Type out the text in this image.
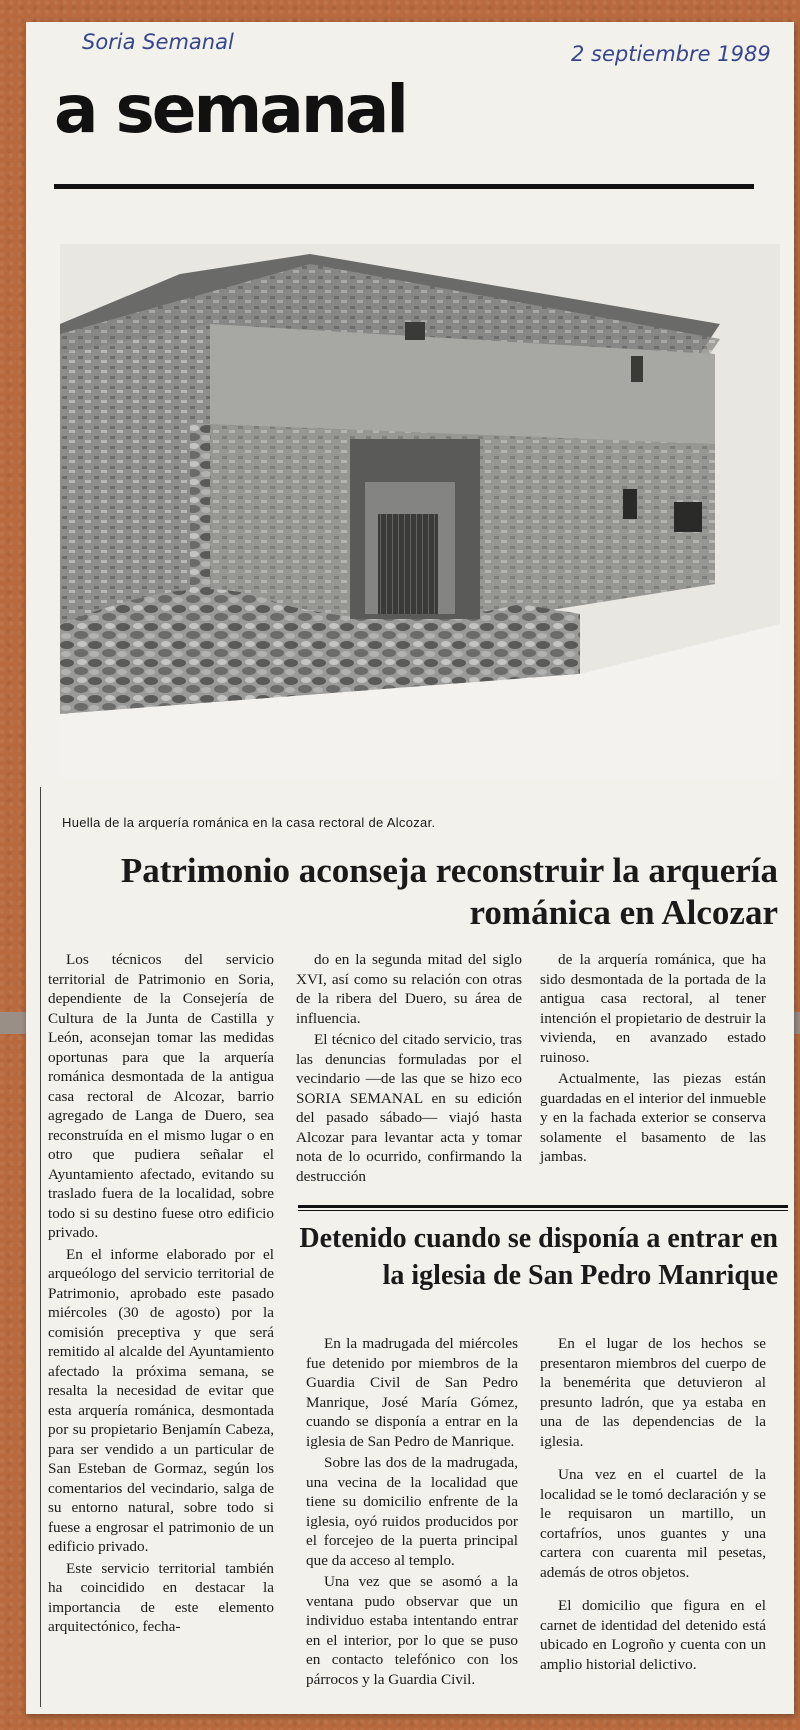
Soria Semanal	2 septiembre 1989
a semanal
Huella de la arquería románica en la casa rectoral de Alcozar.
Patrimonio aconseja reconstruir la arquería románica en Alcozar

Los técnicos del servicio territorial de Patrimonio en Soria, dependiente de la Consejería de Cultura de la Junta de Castilla y León, aconsejan tomar las medidas oportunas para que la arquería románica desmontada de la antigua casa rectoral de Alcozar, barrio agregado de Langa de Duero, sea reconstruída en el mismo lugar o en otro que pudiera señalar el Ayuntamiento afectado, evitando su traslado fuera de la localidad, sobre todo si su destino fuese otro edificio privado.

En el informe elaborado por el arqueólogo del servicio territorial de Patrimonio, aprobado este pasado miércoles (30 de agosto) por la comisión preceptiva y que será remitido al alcalde del Ayuntamiento afectado la próxima semana, se resalta la necesidad de evitar que esta arquería románica, desmontada por su propietario Benjamín Cabeza, para ser vendido a un particular de San Esteban de Gormaz, según los comentarios del vecindario, salga de su entorno natural, sobre todo si fuese a engrosar el patrimonio de un edificio privado.

Este servicio territorial también ha coincidido en destacar la importancia de este elemento arquitectónico, fecha-

do en la segunda mitad del siglo XVI, así como su relación con otras de la ribera del Duero, su área de influencia.

El técnico del citado servicio, tras las denuncias formuladas por el vecindario —de las que se hizo eco SORIA SEMANAL en su edición del pasado sábado— viajó hasta Alcozar para levantar acta y tomar nota de lo ocurrido, confirmando la destrucción

de la arquería románica, que ha sido desmontada de la portada de la antigua casa rectoral, al tener intención el propietario de destruir la vivienda, en avanzado estado ruinoso.

Actualmente, las piezas están guardadas en el interior del inmueble y en la fachada exterior se conserva solamente el basamento de las jambas.

Detenido cuando se disponía a entrar en la iglesia de San Pedro Manrique

En la madrugada del miércoles fue detenido por miembros de la Guardia Civil de San Pedro Manrique, José María Gómez, cuando se disponía a entrar en la iglesia de San Pedro de Manrique.

Sobre las dos de la madrugada, una vecina de la localidad que tiene su domicilio enfrente de la iglesia, oyó ruidos producidos por el forcejeo de la puerta principal que da acceso al templo.

Una vez que se asomó a la ventana pudo observar que un individuo estaba intentando entrar en el interior, por lo que se puso en contacto telefónico con los párrocos y la Guardia Civil.

En el lugar de los hechos se presentaron miembros del cuerpo de la benemérita que detuvieron al presunto ladrón, que ya estaba en una de las dependencias de la iglesia.

Una vez en el cuartel de la localidad se le tomó declaración y se le requisaron un martillo, un cortafríos, unos guantes y una cartera con cuarenta mil pesetas, además de otros objetos.

El domicilio que figura en el carnet de identidad del detenido está ubicado en Logroño y cuenta con un amplio historial delictivo.
